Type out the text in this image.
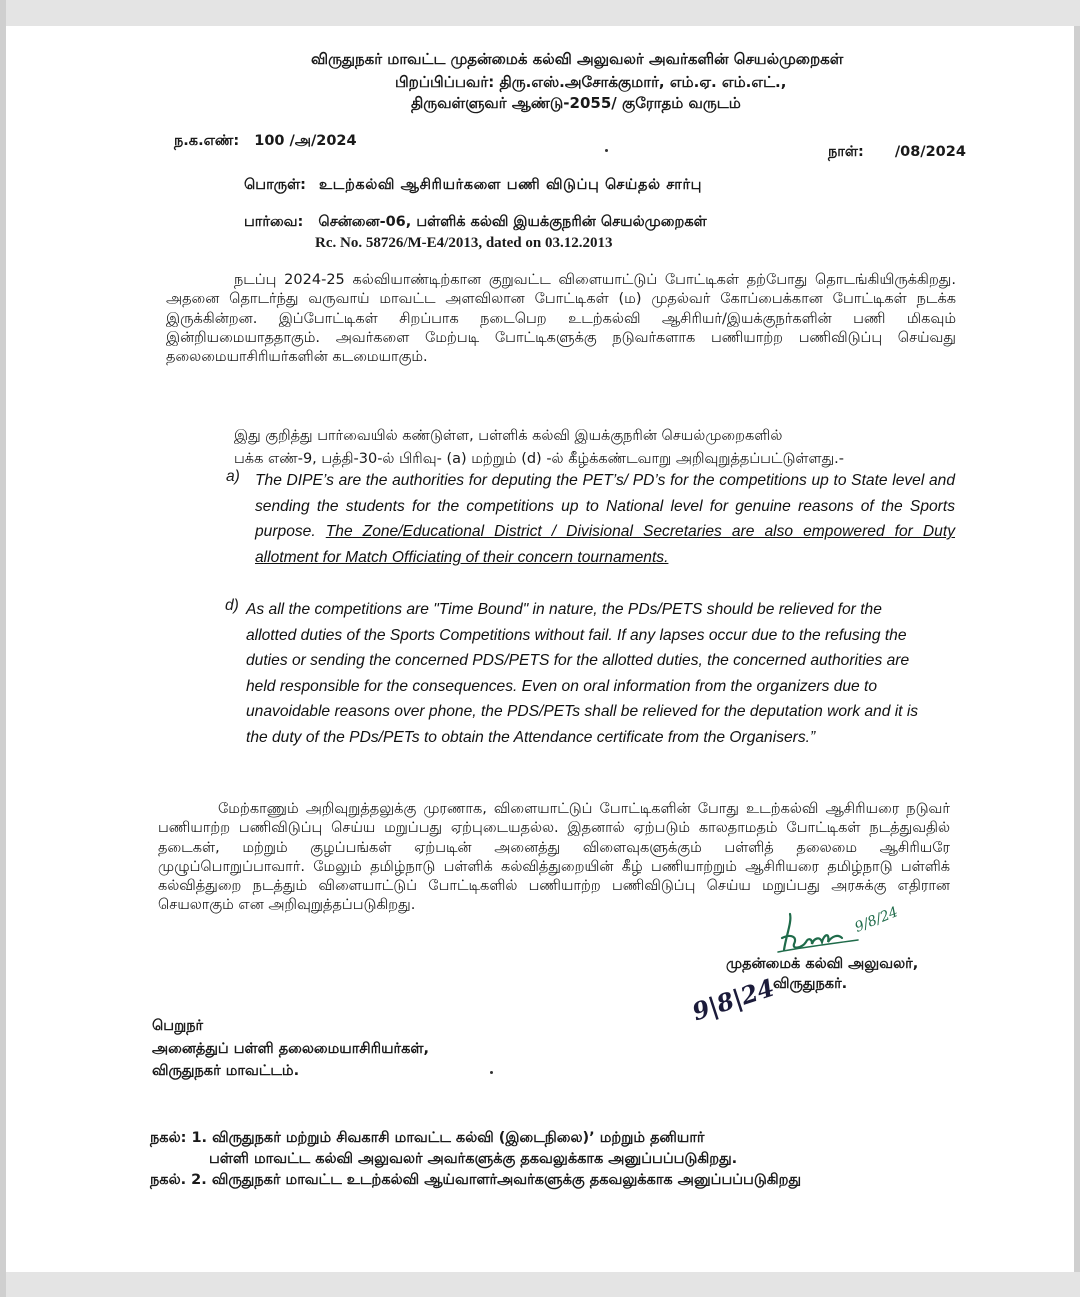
விருதுநகர் மாவட்ட முதன்மைக் கல்வி அலுவலர் அவர்களின் செயல்முறைகள்
பிறப்பிப்பவர்: திரு.எஸ்.அசோக்குமார், எம்.ஏ. எம்.எட்.,
திருவள்ளுவர் ஆண்டு-2055/ குரோதம் வருடம்
ந.க.எண்: 100 /அ/2024
நாள்: /08/2024
பொருள்: உடற்கல்வி ஆசிரியர்களை பணி விடுப்பு செய்தல் சார்பு
பார்வை: சென்னை-06, பள்ளிக் கல்வி இயக்குநரின் செயல்முறைகள்
Rc. No. 58726/M-E4/2013, dated on 03.12.2013
நடப்பு 2024-25 கல்வியாண்டிற்கான குறுவட்ட விளையாட்டுப் போட்டிகள் தற்போது தொடங்கியிருக்கிறது. அதனை தொடர்ந்து வருவாய் மாவட்ட அளவிலான போட்டிகள் (ம) முதல்வர் கோப்பைக்கான போட்டிகள் நடக்க இருக்கின்றன. இப்போட்டிகள் சிறப்பாக நடைபெற உடற்கல்வி ஆசிரியர்/இயக்குநர்களின் பணி மிகவும் இன்றியமையாததாகும். அவர்களை மேற்படி போட்டிகளுக்கு நடுவர்களாக பணியாற்ற பணிவிடுப்பு செய்வது தலைமையாசிரியர்களின் கடமையாகும்.
இது குறித்து பார்வையில் கண்டுள்ள, பள்ளிக் கல்வி இயக்குநரின் செயல்முறைகளில்
பக்க எண்-9, பத்தி-30-ல் பிரிவு- (a) மற்றும் (d) -ல் கீழ்க்கண்டவாறு அறிவுறுத்தப்பட்டுள்ளது.-
a) The DIPE’s are the authorities for deputing the PET’s/ PD’s for the competitions up to State level and sending the students for the competitions up to National level for genuine reasons of the Sports purpose. The Zone/Educational District / Divisional Secretaries are also empowered for Duty allotment for Match Officiating of their concern tournaments.
d) As all the competitions are "Time Bound" in nature, the PDs/PETS should be relieved for the allotted duties of the Sports Competitions without fail. If any lapses occur due to the refusing the duties or sending the concerned PDS/PETS for the allotted duties, the concerned authorities are held responsible for the consequences. Even on oral information from the organizers due to unavoidable reasons over phone, the PDS/PETs shall be relieved for the deputation work and it is the duty of the PDs/PETs to obtain the Attendance certificate from the Organisers.”
மேற்காணும் அறிவுறுத்தலுக்கு முரணாக, விளையாட்டுப் போட்டிகளின் போது உடற்கல்வி ஆசிரியரை நடுவர் பணியாற்ற பணிவிடுப்பு செய்ய மறுப்பது ஏற்புடையதல்ல. இதனால் ஏற்படும் காலதாமதம் போட்டிகள் நடத்துவதில் தடைகள், மற்றும் குழப்பங்கள் ஏற்படின் அனைத்து விளைவுகளுக்கும் பள்ளித் தலைமை ஆசிரியரே முழுப்பொறுப்பாவார். மேலும் தமிழ்நாடு பள்ளிக் கல்வித்துறையின் கீழ் பணியாற்றும் ஆசிரியரை தமிழ்நாடு பள்ளிக் கல்வித்துறை நடத்தும் விளையாட்டுப் போட்டிகளில் பணியாற்ற பணிவிடுப்பு செய்ய மறுப்பது அரசுக்கு எதிரான செயலாகும் என அறிவுறுத்தப்படுகிறது.	9/8/24
முதன்மைக் கல்வி அலுவலர்,
விருதுநகர்.
9|8|24
பெறுநர்
அனைத்துப் பள்ளி தலைமையாசிரியர்கள்,
விருதுநகர் மாவட்டம்.
நகல்: 1. விருதுநகர் மற்றும் சிவகாசி மாவட்ட கல்வி (இடைநிலை)’ மற்றும் தனியார்
பள்ளி மாவட்ட கல்வி அலுவலர் அவர்களுக்கு தகவலுக்காக அனுப்பப்படுகிறது.
நகல். 2. விருதுநகர் மாவட்ட உடற்கல்வி ஆய்வாளர்அவர்களுக்கு தகவலுக்காக அனுப்பப்படுகிறது
